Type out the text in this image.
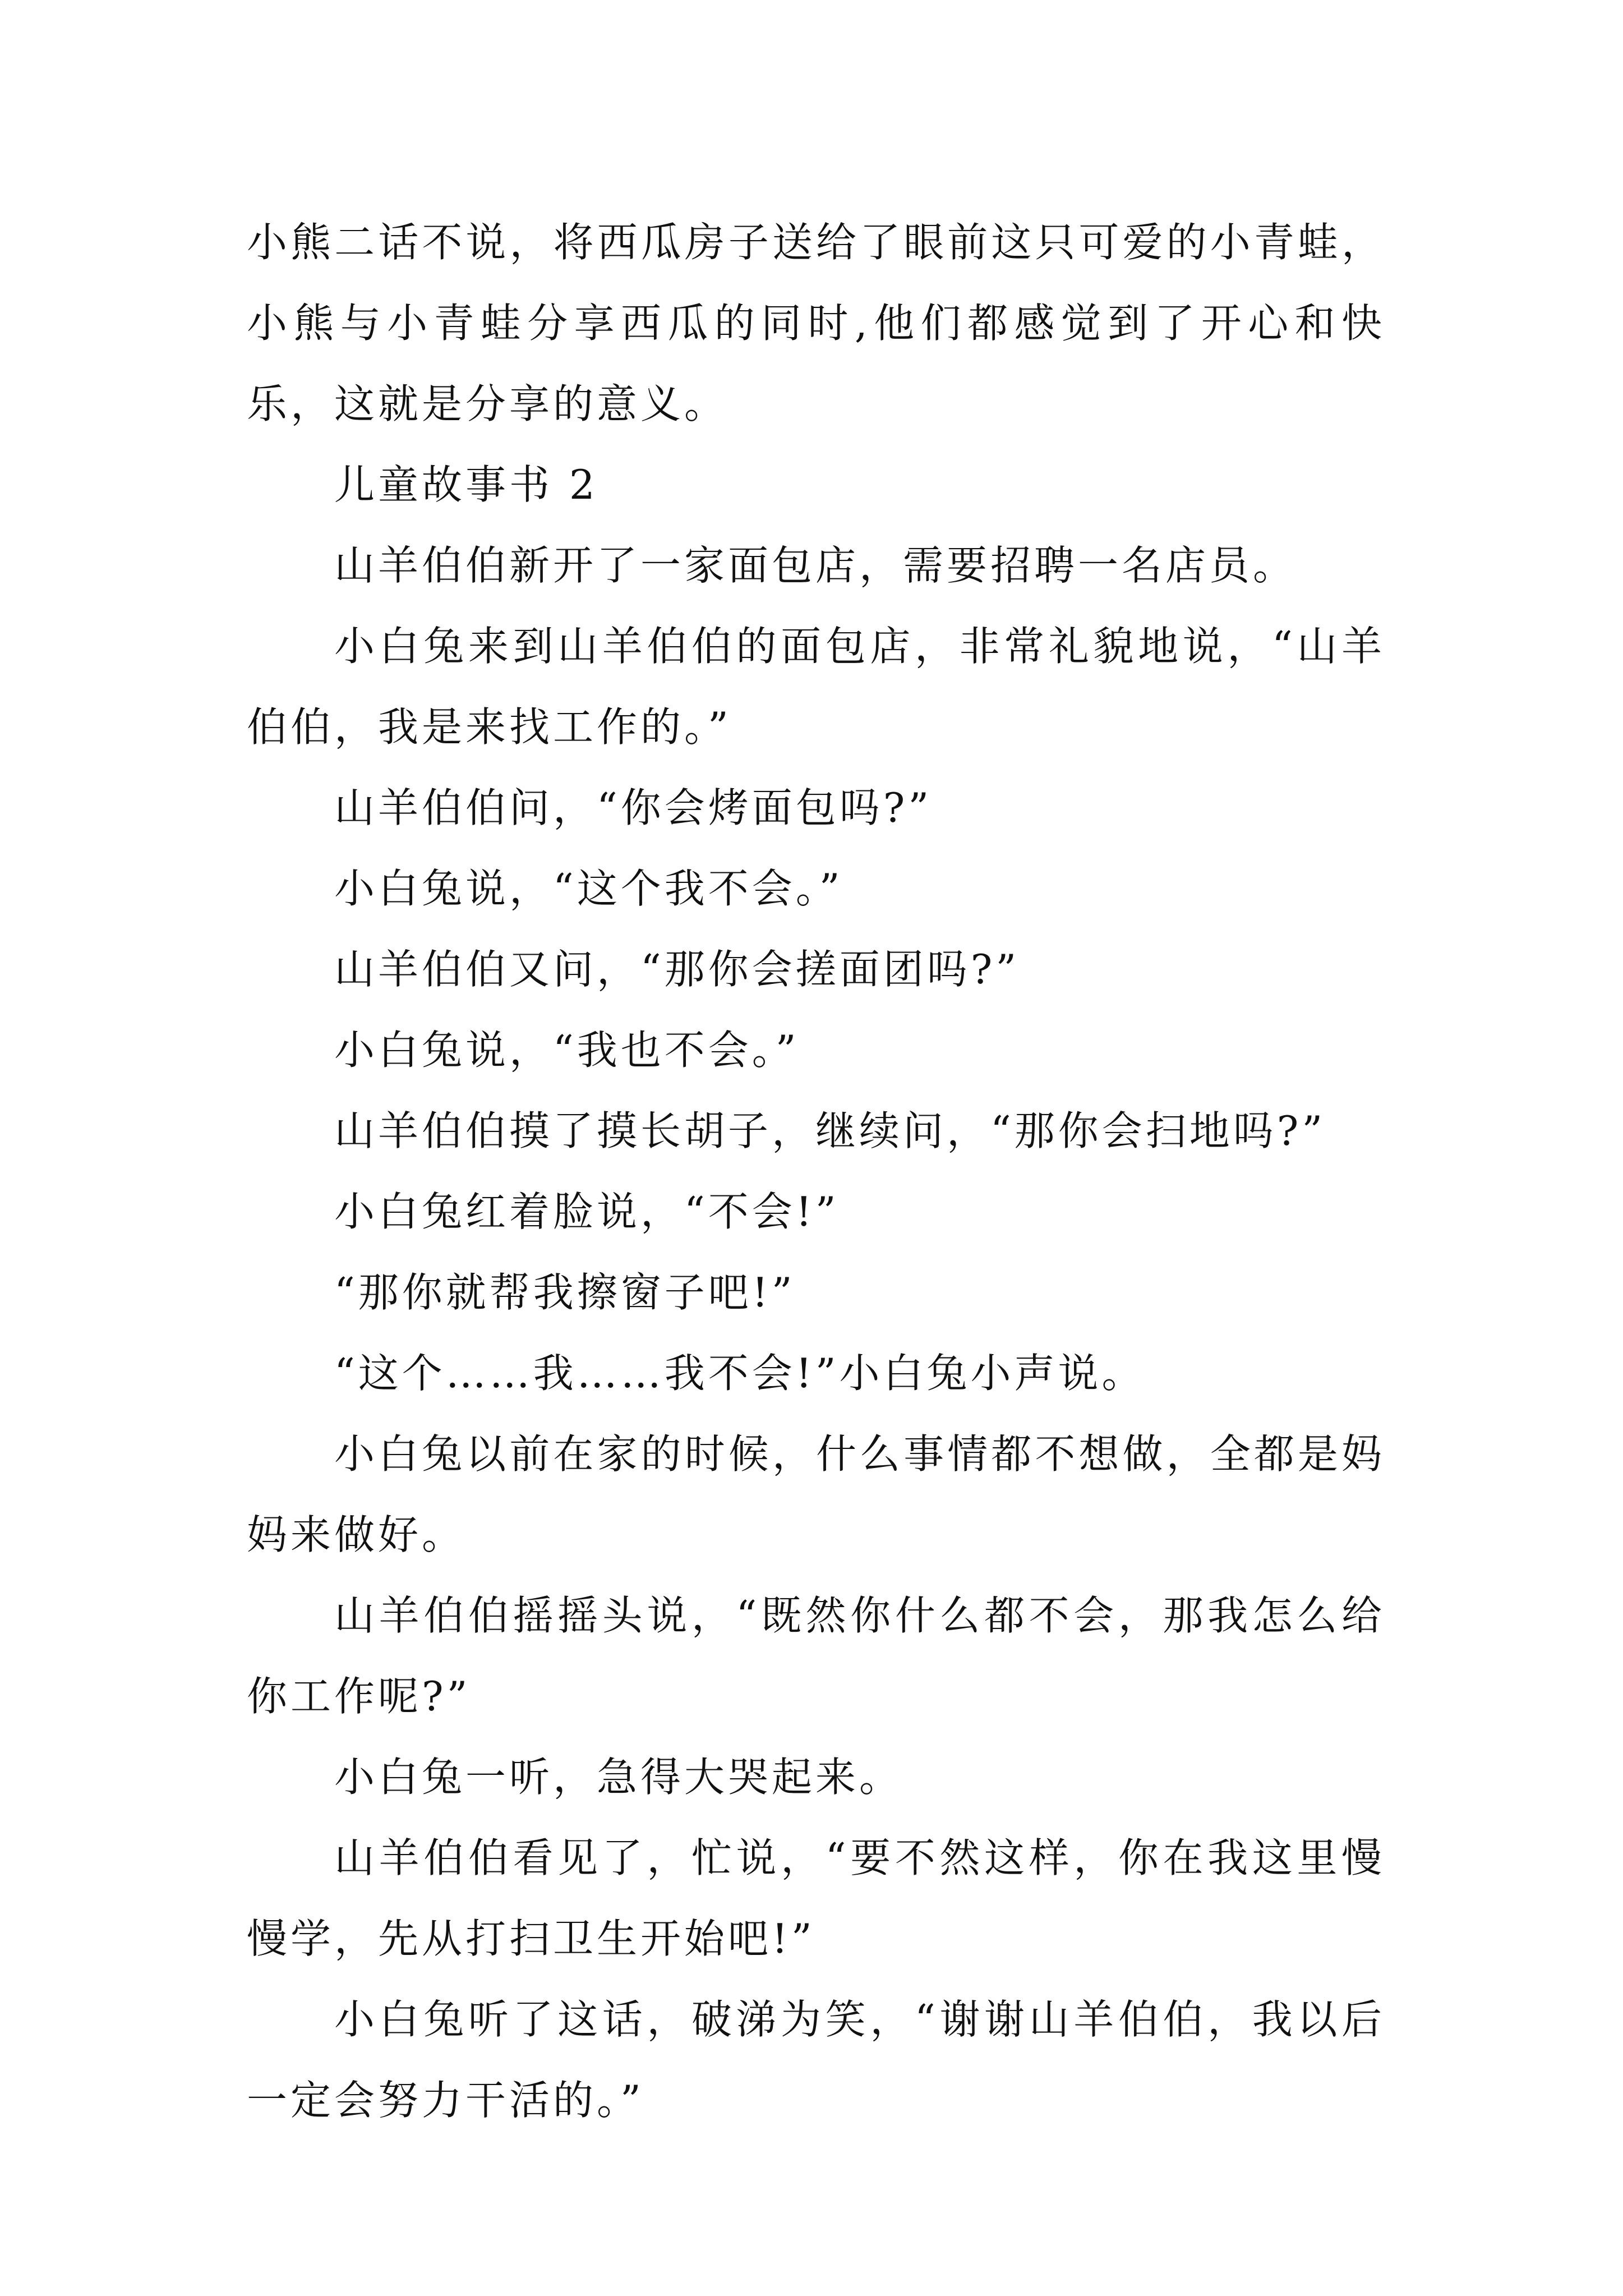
小熊二话不说，将西瓜房子送给了眼前这只可爱的小青蛙，小熊与小青蛙分享西瓜的同时,他们都感觉到了开心和快乐，这就是分享的意义。

儿童故事书 2

山羊伯伯新开了一家面包店，需要招聘一名店员。

小白兔来到山羊伯伯的面包店，非常礼貌地说，“山羊伯伯，我是来找工作的。”

山羊伯伯问，“你会烤面包吗?”

小白兔说，“这个我不会。”

山羊伯伯又问，“那你会搓面团吗?”

小白兔说，“我也不会。”

山羊伯伯摸了摸长胡子，继续问，“那你会扫地吗?”

小白兔红着脸说，“不会!”

“那你就帮我擦窗子吧!”

“这个……我……我不会!”小白兔小声说。

小白兔以前在家的时候，什么事情都不想做，全都是妈妈来做好。

山羊伯伯摇摇头说，“既然你什么都不会，那我怎么给你工作呢?”

小白兔一听，急得大哭起来。

山羊伯伯看见了，忙说，“要不然这样，你在我这里慢慢学，先从打扫卫生开始吧!”

小白兔听了这话，破涕为笑，“谢谢山羊伯伯，我以后一定会努力干活的。”
